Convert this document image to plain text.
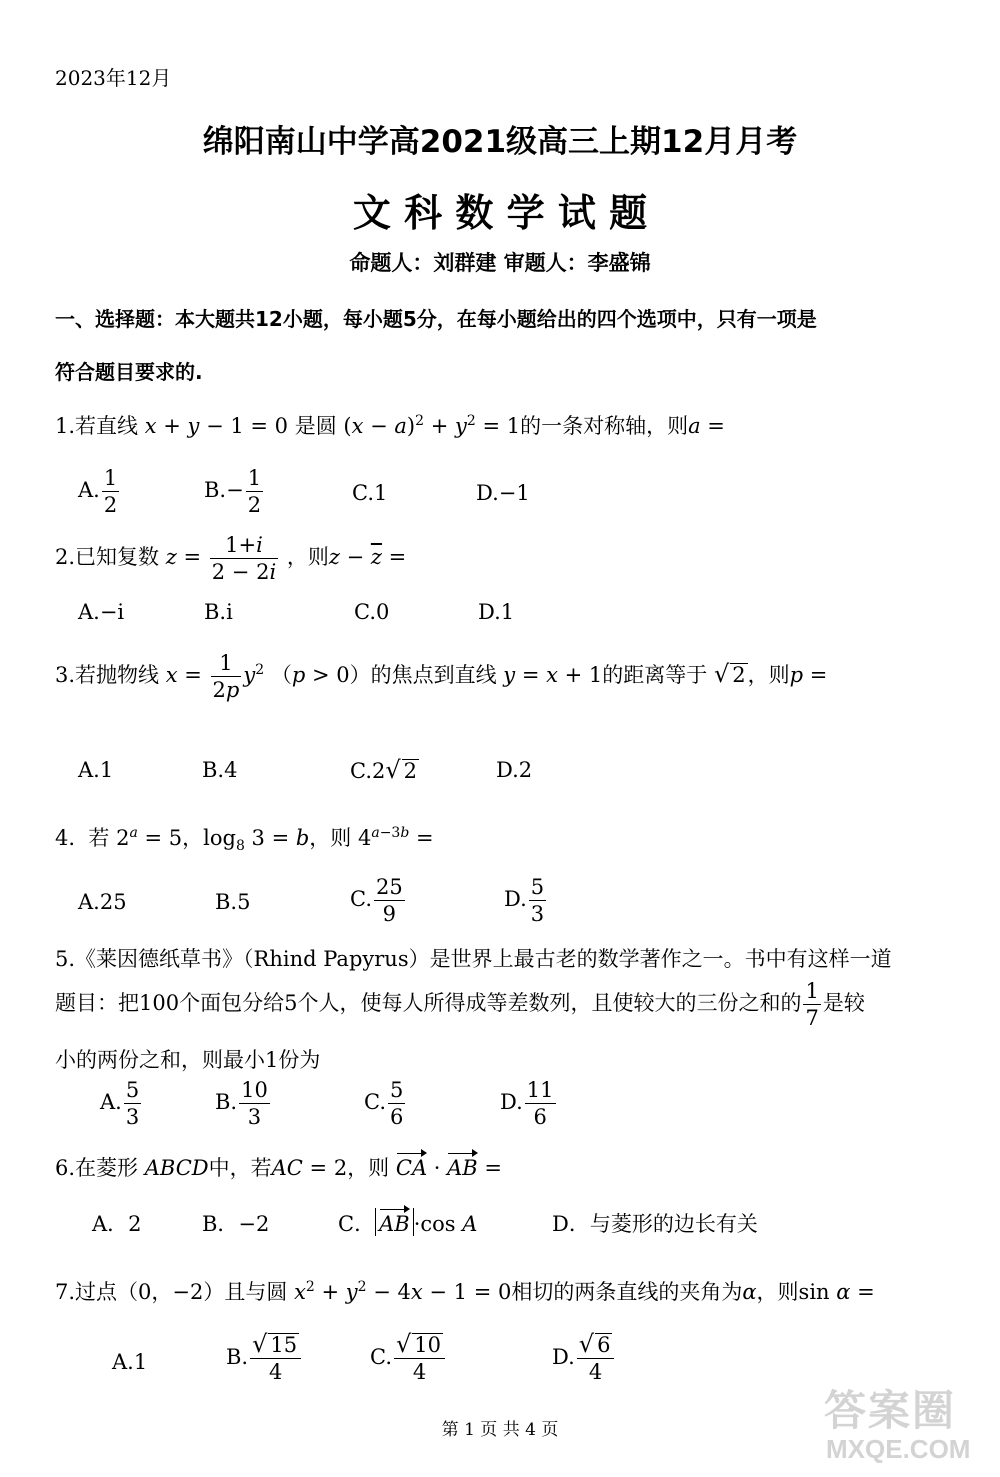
2023年12月
绵阳南山中学高2021级高三上期12月月考
文 科 数 学 试 题
命题人：刘群建 审题人：李盛锦
一、选择题：本大题共12小题，每小题5分，在每小题给出的四个选项中，只有一项是
符合题目要求的.
1.若直线 x + y − 1 = 0 是圆 $(x - a)^2 + y^2 = 1$的一条对称轴，则a =
A. $\frac{1}{2}$	$B.- \frac{1}{2}$	C.1	D.−1
2.已知复数 $z = \frac{1+i}{2 - 2i}$ ，则$z - \overline{z}$ =
A.−i	B.i	C.0	D.1
3.若抛物线 $x = \frac{1}{2p} y^2$ （p > 0）的焦点到直线 y = x + 1的距离等于 √ 2 ，则p =
A.1	B.4	C.2 √ 2	D.2
4. 若 $2^a = 5$，$\log_8 3 = b$，则 $4^{a-3b}$ =
A.25	B.5	C. $\frac{25}{9}$	D. $\frac{5}{3}$
5.《莱因德纸草书》（Rhind Papyrus）是世界上最古老的数学著作之一。书中有这样一道
题目：把100个面包分给5个人，使每人所得成等差数列，且使较大的三份之和的 $\frac{1}{7}$ 是较
小的两份之和，则最小1份为
A. $\frac{5}{3}$	B. $\frac{10}{3}$	C. $\frac{5}{6}$	D. $\frac{11}{6}$
6.在菱形 ABCD中，若AC = 2，则 CA · AB =
A．2	B．−2	C． AB ·cos A	D．与菱形的边长有关
7.过点（0，−2）且与圆 $x^2 + y^2 - 4x - 1 = 0$相切的两条直线的夹角为α，则sin α =
A.1	B. $\frac{√ 15}{4}$	C. $\frac{√ 10}{4}$	D. $\frac{√ 6}{4}$
第 1 页 共 4 页	答案圈
MXQE.COM
